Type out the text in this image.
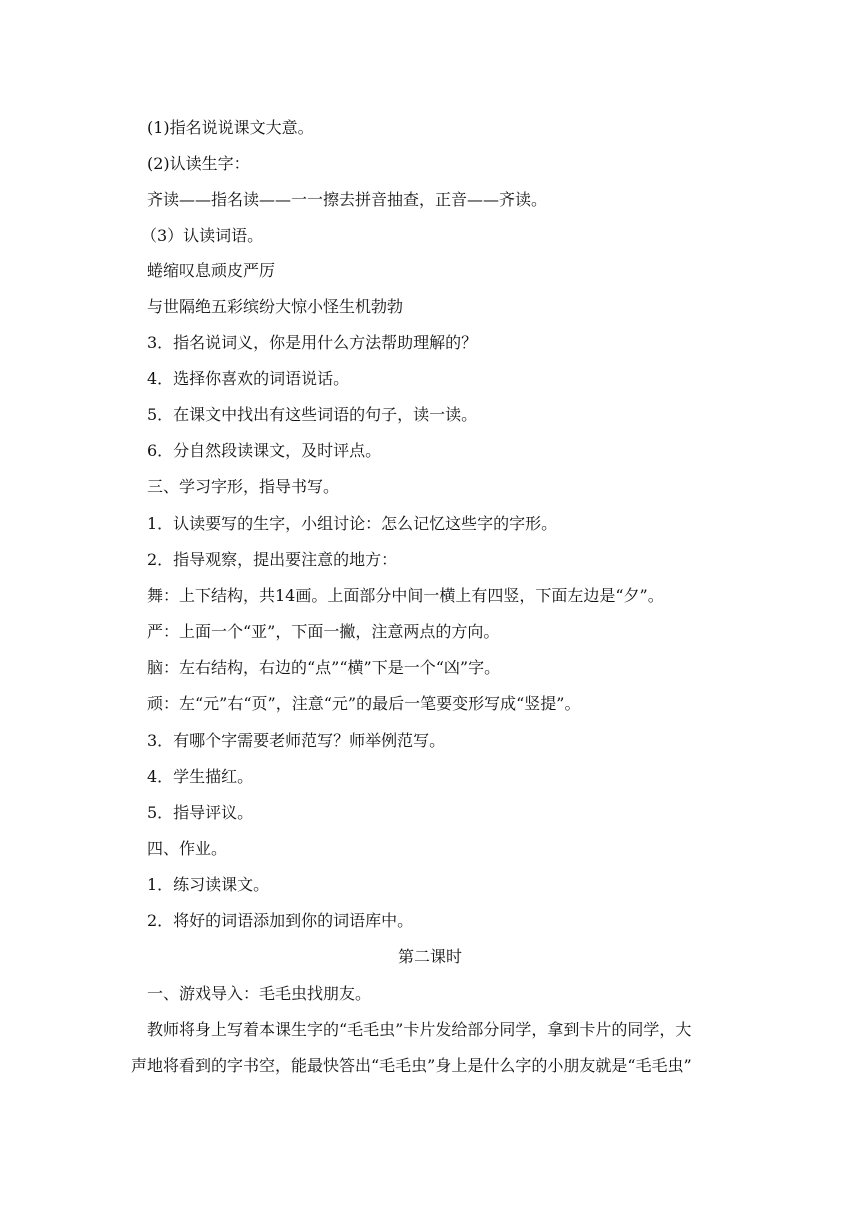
(1)指名说说课文大意。
(2)认读生字：
齐读——指名读——一一擦去拼音抽查，正音——齐读。
（3）认读词语。
蜷缩叹息顽皮严厉
与世隔绝五彩缤纷大惊小怪生机勃勃
3．指名说词义，你是用什么方法帮助理解的？
4．选择你喜欢的词语说话。
5．在课文中找出有这些词语的句子，读一读。
6．分自然段读课文，及时评点。
三、学习字形，指导书写。
1．认读要写的生字，小组讨论：怎么记忆这些字的字形。
2．指导观察，提出要注意的地方：
舞：上下结构，共14画。上面部分中间一横上有四竖，下面左边是“夕”。
严：上面一个“亚”，下面一撇，注意两点的方向。
脑：左右结构，右边的“点”“横”下是一个“凶”字。
顽：左“元”右“页”，注意“元”的最后一笔要变形写成“竖提”。
3．有哪个字需要老师范写？师举例范写。
4．学生描红。
5．指导评议。
四、作业。
1．练习读课文。
2．将好的词语添加到你的词语库中。
第二课时
一、游戏导入：毛毛虫找朋友。
教师将身上写着本课生字的“毛毛虫”卡片发给部分同学，拿到卡片的同学，大
声地将看到的字书空，能最快答出“毛毛虫”身上是什么字的小朋友就是“毛毛虫”
